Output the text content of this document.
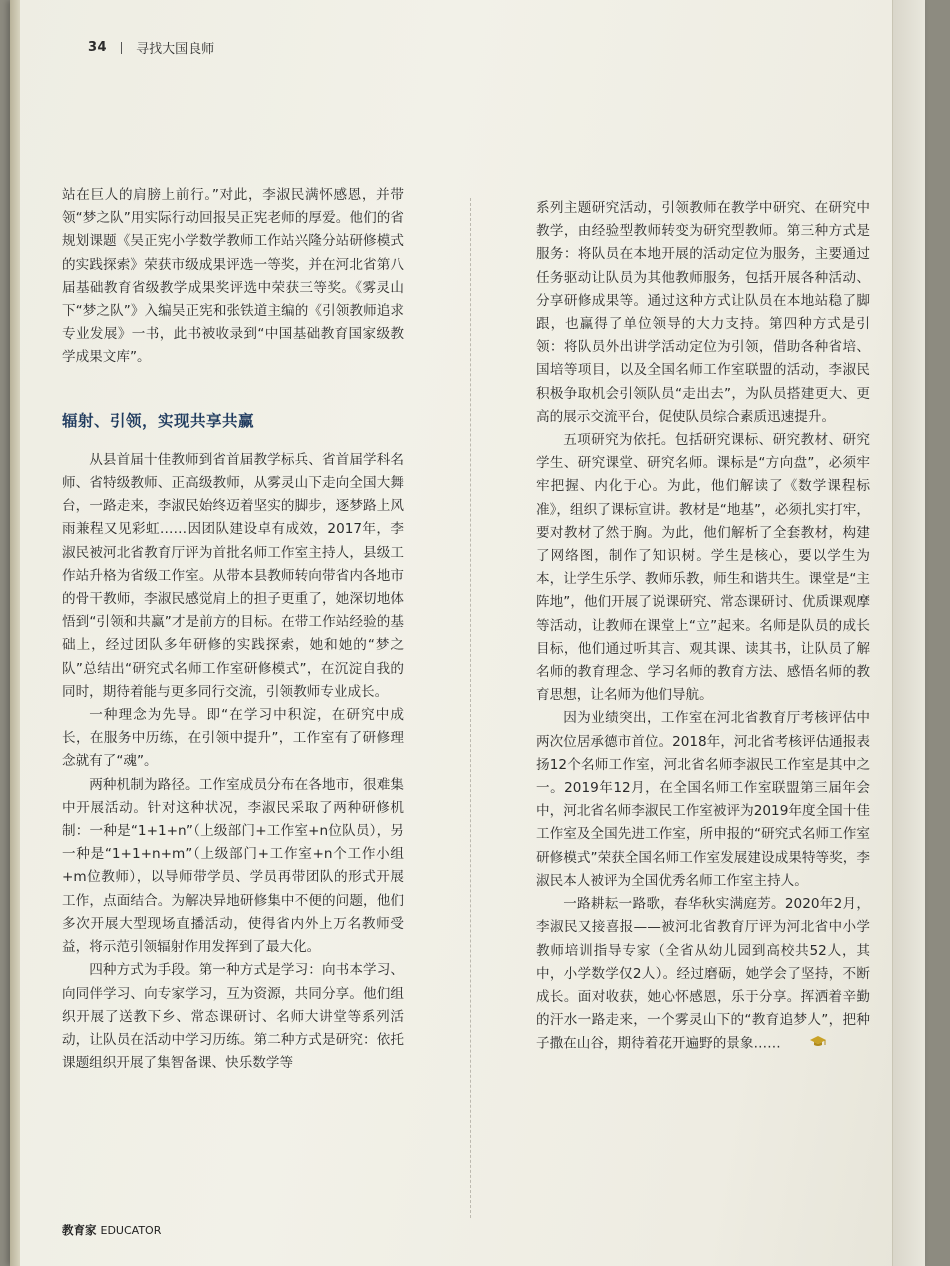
34 寻找大国良师

站在巨人的肩膀上前行。”对此，李淑民满怀感恩，并带领“梦之队”用实际行动回报吴正宪老师的厚爱。他们的省规划课题《吴正宪小学数学教师工作站兴隆分站研修模式的实践探索》荣获市级成果评选一等奖，并在河北省第八届基础教育省级教学成果奖评选中荣获三等奖。《雾灵山下“梦之队”》入编吴正宪和张铁道主编的《引领教师追求专业发展》一书，此书被收录到“中国基础教育国家级教学成果文库”。

辐射、引领，实现共享共赢

从县首届十佳教师到省首届教学标兵、省首届学科名师、省特级教师、正高级教师，从雾灵山下走向全国大舞台，一路走来，李淑民始终迈着坚实的脚步，逐梦路上风雨兼程又见彩虹……因团队建设卓有成效，2017年，李淑民被河北省教育厅评为首批名师工作室主持人，县级工作站升格为省级工作室。从带本县教师转向带省内各地市的骨干教师，李淑民感觉肩上的担子更重了，她深切地体悟到“引领和共赢”才是前方的目标。在带工作站经验的基础上，经过团队多年研修的实践探索，她和她的“梦之队”总结出“研究式名师工作室研修模式”，在沉淀自我的同时，期待着能与更多同行交流，引领教师专业成长。

一种理念为先导。即“在学习中积淀，在研究中成长，在服务中历练，在引领中提升”，工作室有了研修理念就有了“魂”。

两种机制为路径。工作室成员分布在各地市，很难集中开展活动。针对这种状况，李淑民采取了两种研修机制：一种是“1+1+n”（上级部门+工作室+n位队员），另一种是“1+1+n+m”（上级部门+工作室+n个工作小组+m位教师），以导师带学员、学员再带团队的形式开展工作，点面结合。为解决异地研修集中不便的问题，他们多次开展大型现场直播活动，使得省内外上万名教师受益，将示范引领辐射作用发挥到了最大化。

四种方式为手段。第一种方式是学习：向书本学习、向同伴学习、向专家学习，互为资源，共同分享。他们组织开展了送教下乡、常态课研讨、名师大讲堂等系列活动，让队员在活动中学习历练。第二种方式是研究：依托课题组织开展了集智备课、快乐数学等

系列主题研究活动，引领教师在教学中研究、在研究中教学，由经验型教师转变为研究型教师。第三种方式是服务：将队员在本地开展的活动定位为服务，主要通过任务驱动让队员为其他教师服务，包括开展各种活动、分享研修成果等。通过这种方式让队员在本地站稳了脚跟，也赢得了单位领导的大力支持。第四种方式是引领：将队员外出讲学活动定位为引领，借助各种省培、国培等项目，以及全国名师工作室联盟的活动，李淑民积极争取机会引领队员“走出去”，为队员搭建更大、更高的展示交流平台，促使队员综合素质迅速提升。

五项研究为依托。包括研究课标、研究教材、研究学生、研究课堂、研究名师。课标是“方向盘”，必须牢牢把握、内化于心。为此，他们解读了《数学课程标准》，组织了课标宣讲。教材是“地基”，必须扎实打牢，要对教材了然于胸。为此，他们解析了全套教材，构建了网络图，制作了知识树。学生是核心，要以学生为本，让学生乐学、教师乐教，师生和谐共生。课堂是“主阵地”，他们开展了说课研究、常态课研讨、优质课观摩等活动，让教师在课堂上“立”起来。名师是队员的成长目标，他们通过听其言、观其课、读其书，让队员了解名师的教育理念、学习名师的教育方法、感悟名师的教育思想，让名师为他们导航。

因为业绩突出，工作室在河北省教育厅考核评估中两次位居承德市首位。2018年，河北省考核评估通报表扬12个名师工作室，河北省名师李淑民工作室是其中之一。2019年12月，在全国名师工作室联盟第三届年会中，河北省名师李淑民工作室被评为2019年度全国十佳工作室及全国先进工作室，所申报的“研究式名师工作室研修模式”荣获全国名师工作室发展建设成果特等奖，李淑民本人被评为全国优秀名师工作室主持人。

一路耕耘一路歌，春华秋实满庭芳。2020年2月，李淑民又接喜报——被河北省教育厅评为河北省中小学教师培训指导专家（全省从幼儿园到高校共52人，其中，小学数学仅2人）。经过磨砺，她学会了坚持，不断成长。面对收获，她心怀感恩，乐于分享。挥洒着辛勤的汗水一路走来，一个雾灵山下的“教育追梦人”，把种子撒在山谷，期待着花开遍野的景象……

教育家 EDUCATOR
